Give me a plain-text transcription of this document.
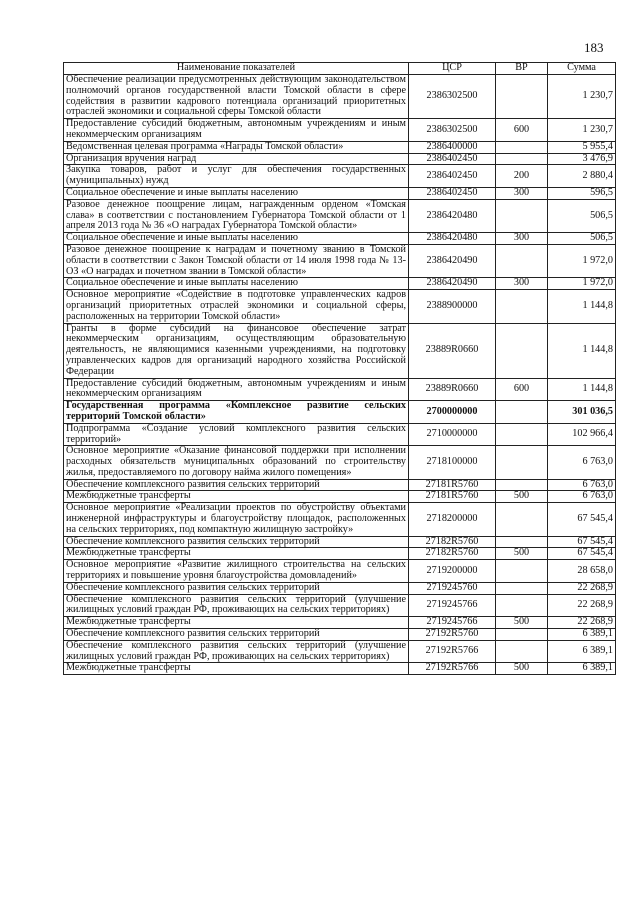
183
Наименование показателей	ЦСР	ВР	Сумма
Обеспечение реализации предусмотренных действующим законодательством полномочий органов государственной власти Томской области в сфере содействия в развитии кадрового потенциала организаций приоритетных отраслей экономики и социальной сферы Томской области	2386302500		1 230,7
Предоставление субсидий бюджетным, автономным учреждениям и иным некоммерческим организациям	2386302500	600	1 230,7
Ведомственная целевая программа «Награды Томской области»	2386400000		5 955,4
Организация вручения наград	2386402450		3 476,9
Закупка товаров, работ и услуг для обеспечения государственных (муниципальных) нужд	2386402450	200	2 880,4
Социальное обеспечение и иные выплаты населению	2386402450	300	596,5
Разовое денежное поощрение лицам, награжденным орденом «Томская слава» в соответствии с постановлением Губернатора Томской области от 1 апреля 2013 года № 36 «О наградах Губернатора Томской области»	2386420480		506,5
Социальное обеспечение и иные выплаты населению	2386420480	300	506,5
Разовое денежное поощрение к наградам и почетному званию в Томской области в соответствии с Закон Томской области от 14 июля 1998 года № 13-ОЗ «О наградах и почетном звании в Томской области»	2386420490		1 972,0
Социальное обеспечение и иные выплаты населению	2386420490	300	1 972,0
Основное мероприятие «Содействие в подготовке управленческих кадров организаций приоритетных отраслей экономики и социальной сферы, расположенных на территории Томской области»	2388900000		1 144,8
Гранты в форме субсидий на финансовое обеспечение затрат некоммерческим организациям, осуществляющим образовательную деятельность, не являющимися казенными учреждениями, на подготовку управленческих кадров для организаций народного хозяйства Российской Федерации	23889R0660		1 144,8
Предоставление субсидий бюджетным, автономным учреждениям и иным некоммерческим организациям	23889R0660	600	1 144,8
Государственная программа «Комплексное развитие сельских территорий Томской области»	2700000000		301 036,5
Подпрограмма «Создание условий комплексного развития сельских территорий»	2710000000		102 966,4
Основное мероприятие «Оказание финансовой поддержки при исполнении расходных обязательств муниципальных образований по строительству жилья, предоставляемого по договору найма жилого помещения»	2718100000		6 763,0
Обеспечение комплексного развития сельских территорий	27181R5760		6 763,0
Межбюджетные трансферты	27181R5760	500	6 763,0
Основное мероприятие «Реализации проектов по обустройству объектами инженерной инфраструктуры и благоустройству площадок, расположенных на сельских территориях, под компактную жилищную застройку»	2718200000		67 545,4
Обеспечение комплексного развития сельских территорий	27182R5760		67 545,4
Межбюджетные трансферты	27182R5760	500	67 545,4
Основное мероприятие «Развитие жилищного строительства на сельских территориях и повышение уровня благоустройства домовладений»	2719200000		28 658,0
Обеспечение комплексного развития сельских территорий	2719245760		22 268,9
Обеспечение комплексного развития сельских территорий (улучшение жилищных условий граждан РФ, проживающих на сельских территориях)	2719245766		22 268,9
Межбюджетные трансферты	2719245766	500	22 268,9
Обеспечение комплексного развития сельских территорий	27192R5760		6 389,1
Обеспечение комплексного развития сельских территорий (улучшение жилищных условий граждан РФ, проживающих на сельских территориях)	27192R5766		6 389,1
Межбюджетные трансферты	27192R5766	500	6 389,1
